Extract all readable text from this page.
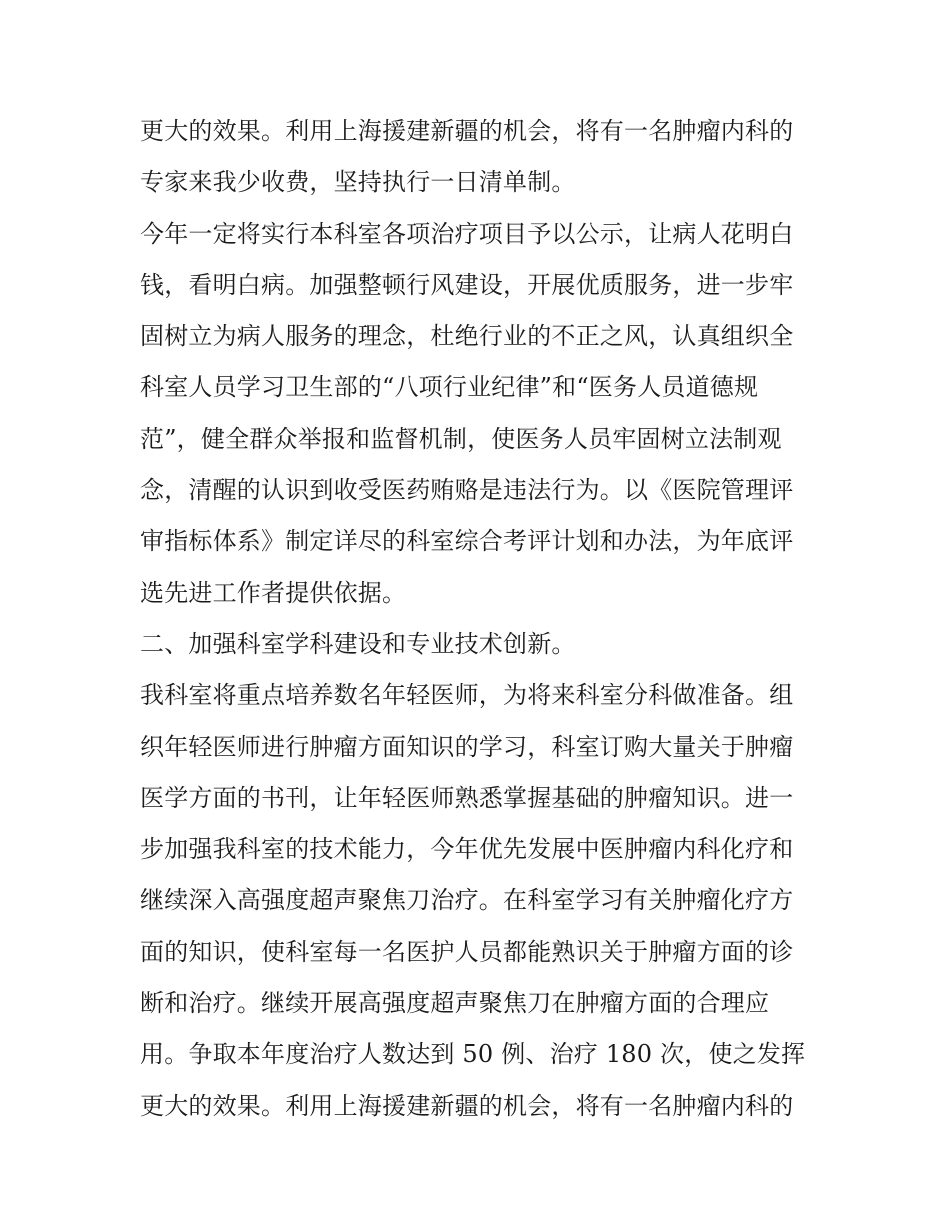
更大的效果。利用上海援建新疆的机会，将有一名肿瘤内科的
专家来我少收费，坚持执行一日清单制。
今年一定将实行本科室各项治疗项目予以公示，让病人花明白
钱，看明白病。加强整顿行风建设，开展优质服务，进一步牢
固树立为病人服务的理念，杜绝行业的不正之风，认真组织全
科室人员学习卫生部的“八项行业纪律”和“医务人员道德规
范”，健全群众举报和监督机制，使医务人员牢固树立法制观
念，清醒的认识到收受医药贿赂是违法行为。以《医院管理评
审指标体系》制定详尽的科室综合考评计划和办法，为年底评
选先进工作者提供依据。
二、加强科室学科建设和专业技术创新。
我科室将重点培养数名年轻医师，为将来科室分科做准备。组
织年轻医师进行肿瘤方面知识的学习，科室订购大量关于肿瘤
医学方面的书刊，让年轻医师熟悉掌握基础的肿瘤知识。进一
步加强我科室的技术能力，今年优先发展中医肿瘤内科化疗和
继续深入高强度超声聚焦刀治疗。在科室学习有关肿瘤化疗方
面的知识，使科室每一名医护人员都能熟识关于肿瘤方面的诊
断和治疗。继续开展高强度超声聚焦刀在肿瘤方面的合理应
用。争取本年度治疗人数达到 50 例、治疗 180 次，使之发挥
更大的效果。利用上海援建新疆的机会，将有一名肿瘤内科的
